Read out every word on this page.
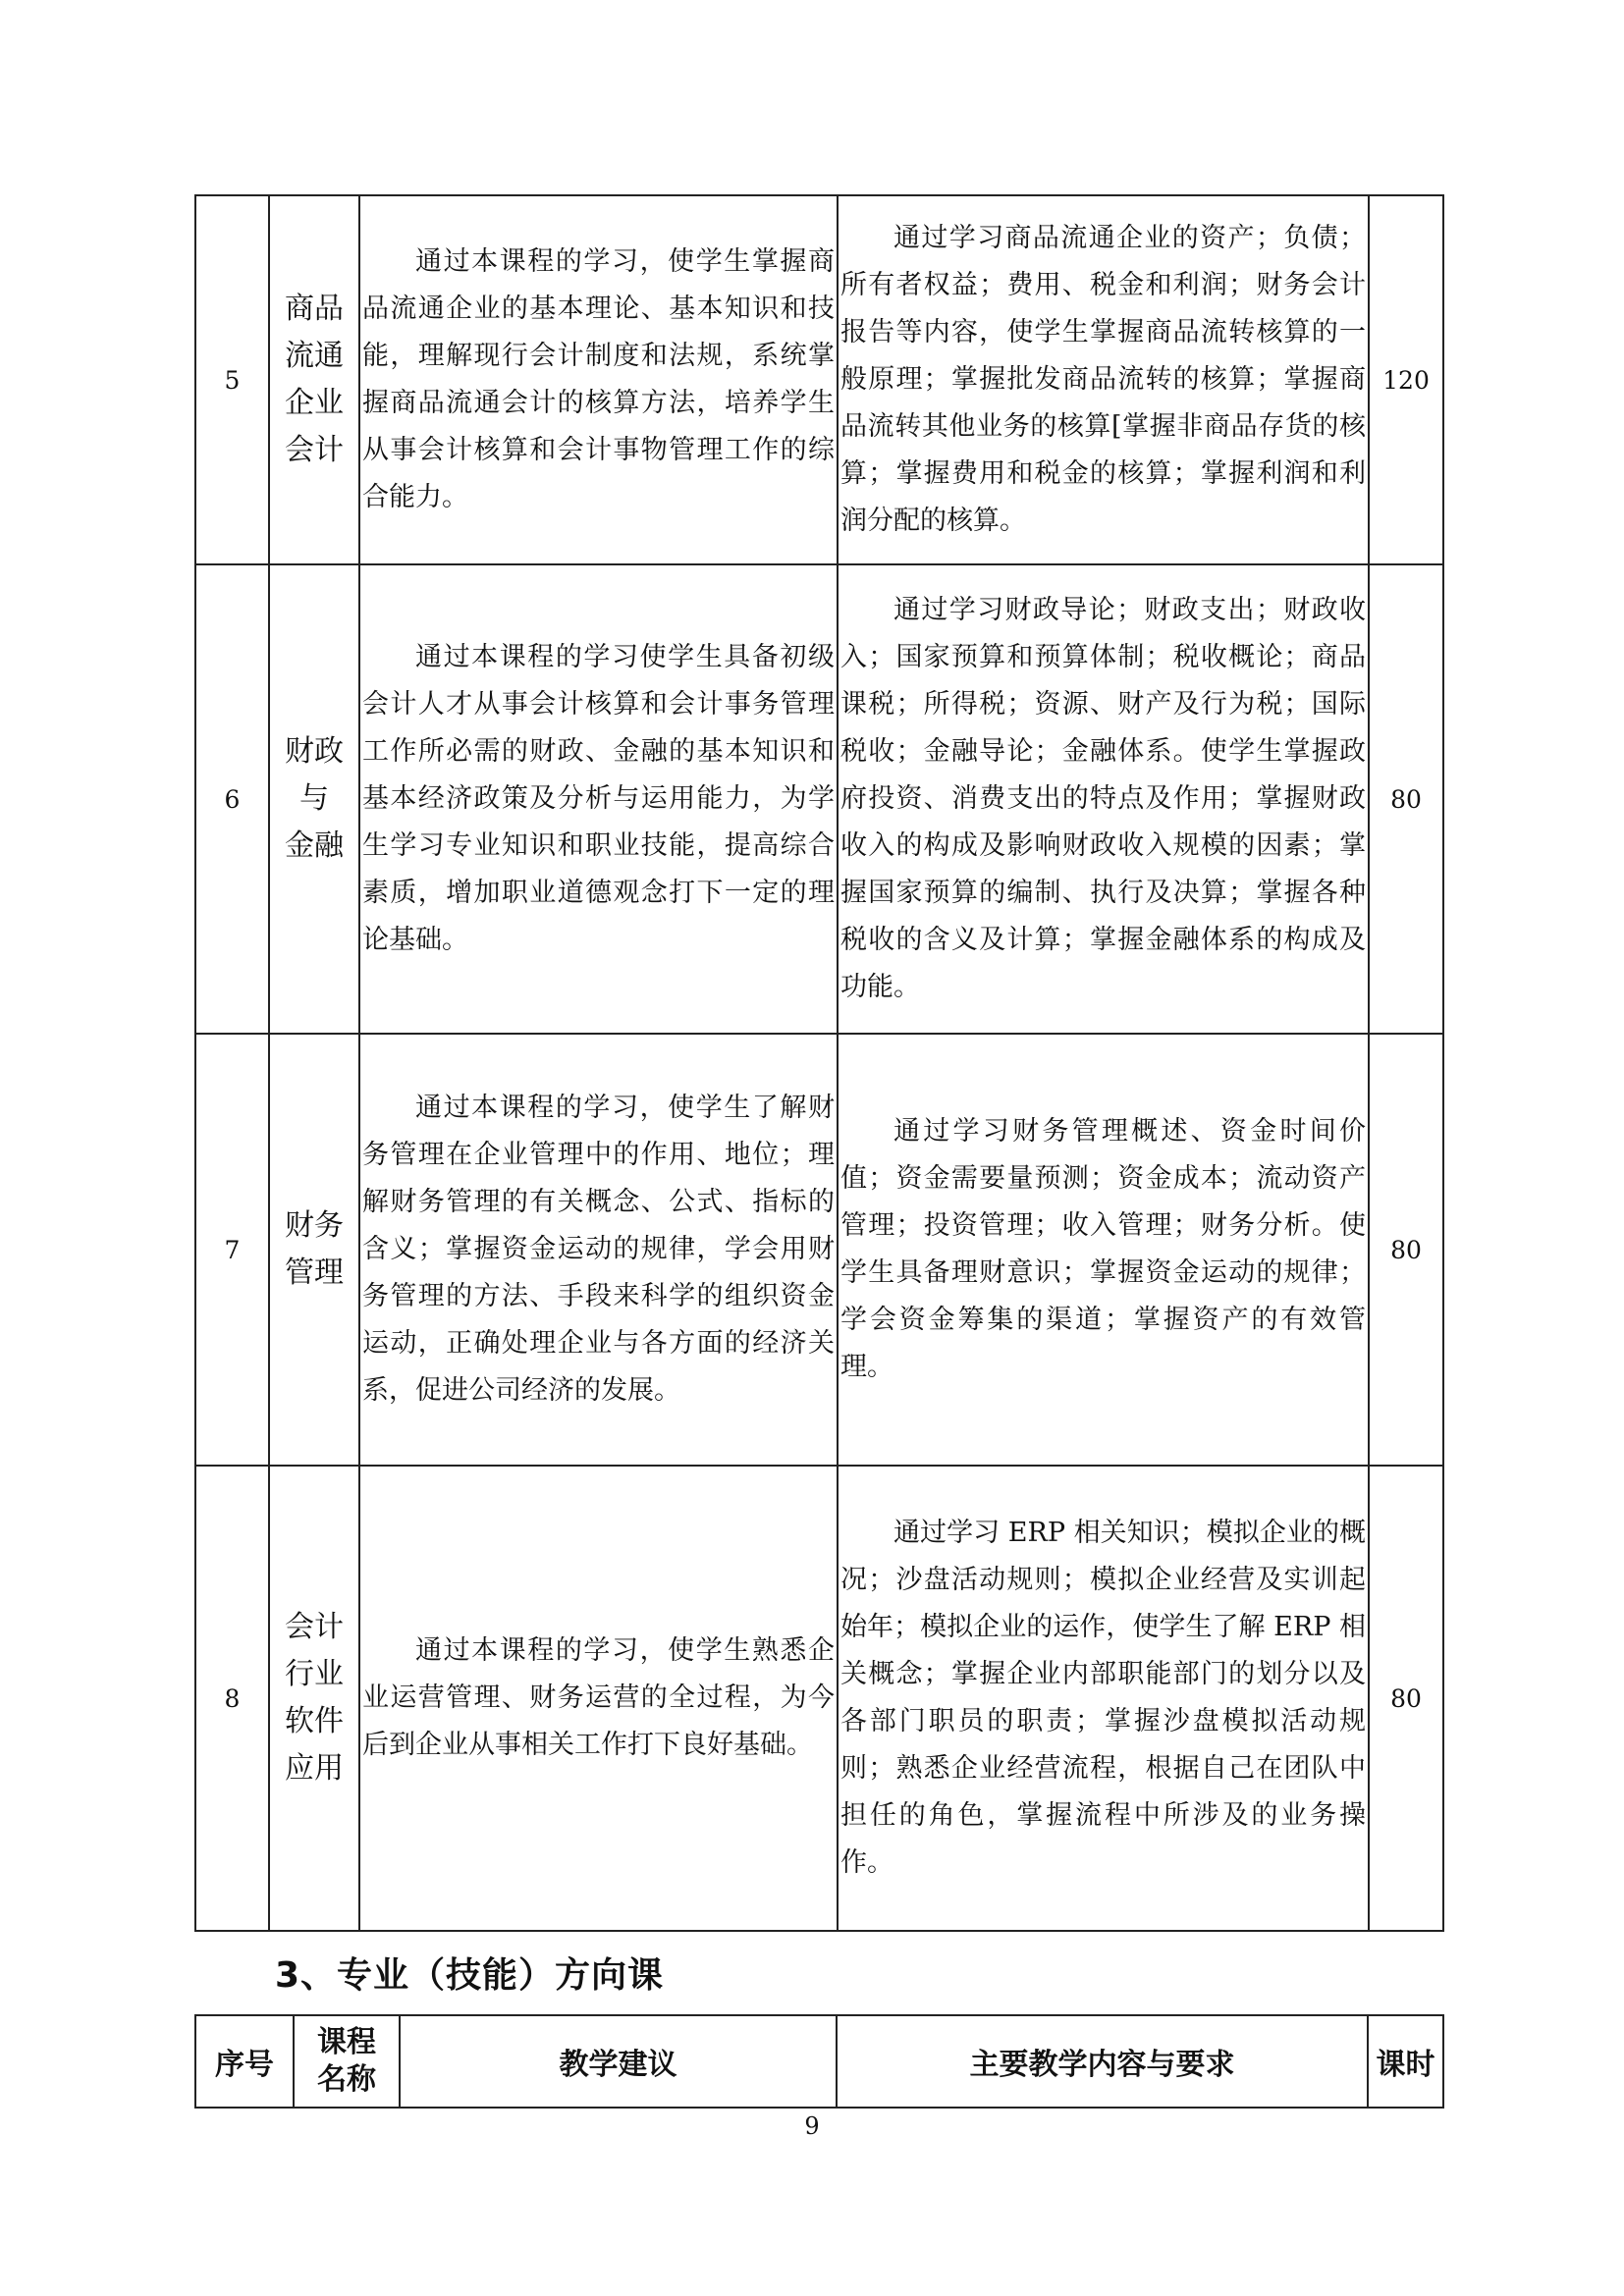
5	商品
流通
企业
会计	通过本课程的学习，使学生掌握商品流通企业的基本理论、基本知识和技能，理解现行会计制度和法规，系统掌握商品流通会计的核算方法，培养学生从事会计核算和会计事物管理工作的综合能力。	通过学习商品流通企业的资产；负债；所有者权益；费用、税金和利润；财务会计报告等内容，使学生掌握商品流转核算的一般原理；掌握批发商品流转的核算；掌握商品流转其他业务的核算[掌握非商品存货的核算；掌握费用和税金的核算；掌握利润和利润分配的核算。	120
6	财政
与
金融	通过本课程的学习使学生具备初级会计人才从事会计核算和会计事务管理工作所必需的财政、金融的基本知识和基本经济政策及分析与运用能力，为学生学习专业知识和职业技能，提高综合素质，增加职业道德观念打下一定的理论基础。	通过学习财政导论；财政支出；财政收入；国家预算和预算体制；税收概论；商品课税；所得税；资源、财产及行为税；国际税收；金融导论；金融体系。使学生掌握政府投资、消费支出的特点及作用；掌握财政收入的构成及影响财政收入规模的因素；掌握国家预算的编制、执行及决算；掌握各种税收的含义及计算；掌握金融体系的构成及功能。	80
7	财务
管理	通过本课程的学习，使学生了解财务管理在企业管理中的作用、地位；理解财务管理的有关概念、公式、指标的含义；掌握资金运动的规律，学会用财务管理的方法、手段来科学的组织资金运动，正确处理企业与各方面的经济关系，促进公司经济的发展。	通过学习财务管理概述、资金时间价值；资金需要量预测；资金成本；流动资产管理；投资管理；收入管理；财务分析。使学生具备理财意识；掌握资金运动的规律；学会资金筹集的渠道；掌握资产的有效管理。	80
8	会计
行业
软件
应用	通过本课程的学习，使学生熟悉企业运营管理、财务运营的全过程，为今后到企业从事相关工作打下良好基础。	通过学习 ERP 相关知识；模拟企业的概况；沙盘活动规则；模拟企业经营及实训起始年；模拟企业的运作，使学生了解 ERP 相关概念；掌握企业内部职能部门的划分以及各部门职员的职责；掌握沙盘模拟活动规则；熟悉企业经营流程，根据自己在团队中担任的角色，掌握流程中所涉及的业务操作。	80
3、专业（技能）方向课
序号	
课程
名称	教学建议	主要教学内容与要求	课时

9
